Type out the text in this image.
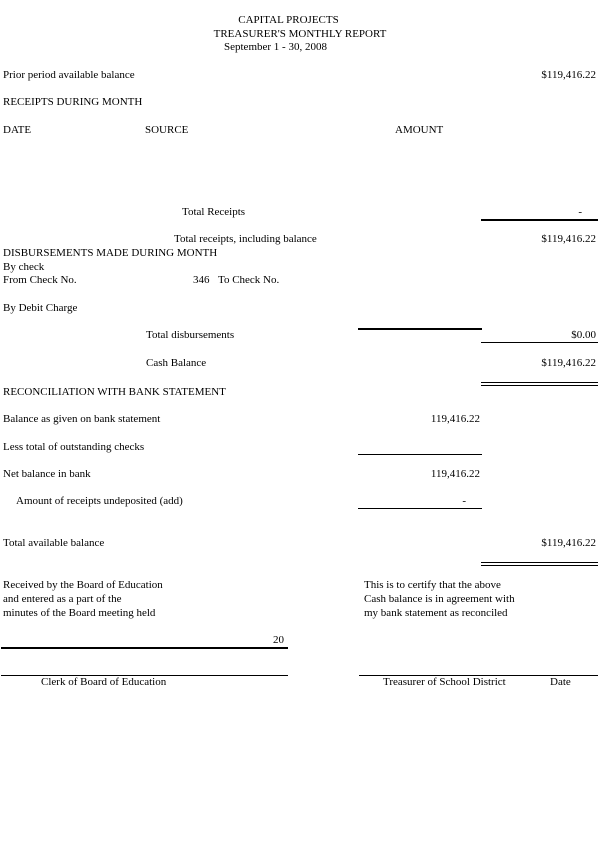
CAPITAL PROJECTS
TREASURER'S MONTHLY REPORT
September 1 - 30, 2008
Prior period available balance	$119,416.22
RECEIPTS DURING MONTH
DATE	SOURCE	AMOUNT
Total Receipts	-
Total receipts, including balance	$119,416.22
DISBURSEMENTS MADE DURING MONTH
By check
From Check No.	346 To Check No.
By Debit Charge
Total disbursements	$0.00
Cash Balance	$119,416.22
RECONCILIATION WITH BANK STATEMENT
Balance as given on bank statement	119,416.22
Less total of outstanding checks
Net balance in bank	119,416.22
Amount of receipts undeposited (add)	-
Total available balance	$119,416.22
Received by the Board of Education
and entered as a part of the
minutes of the Board meeting held
This is to certify that the above
Cash balance is in agreement with
my bank statement as reconciled
20
Clerk of Board of Education	Treasurer of School District	Date
